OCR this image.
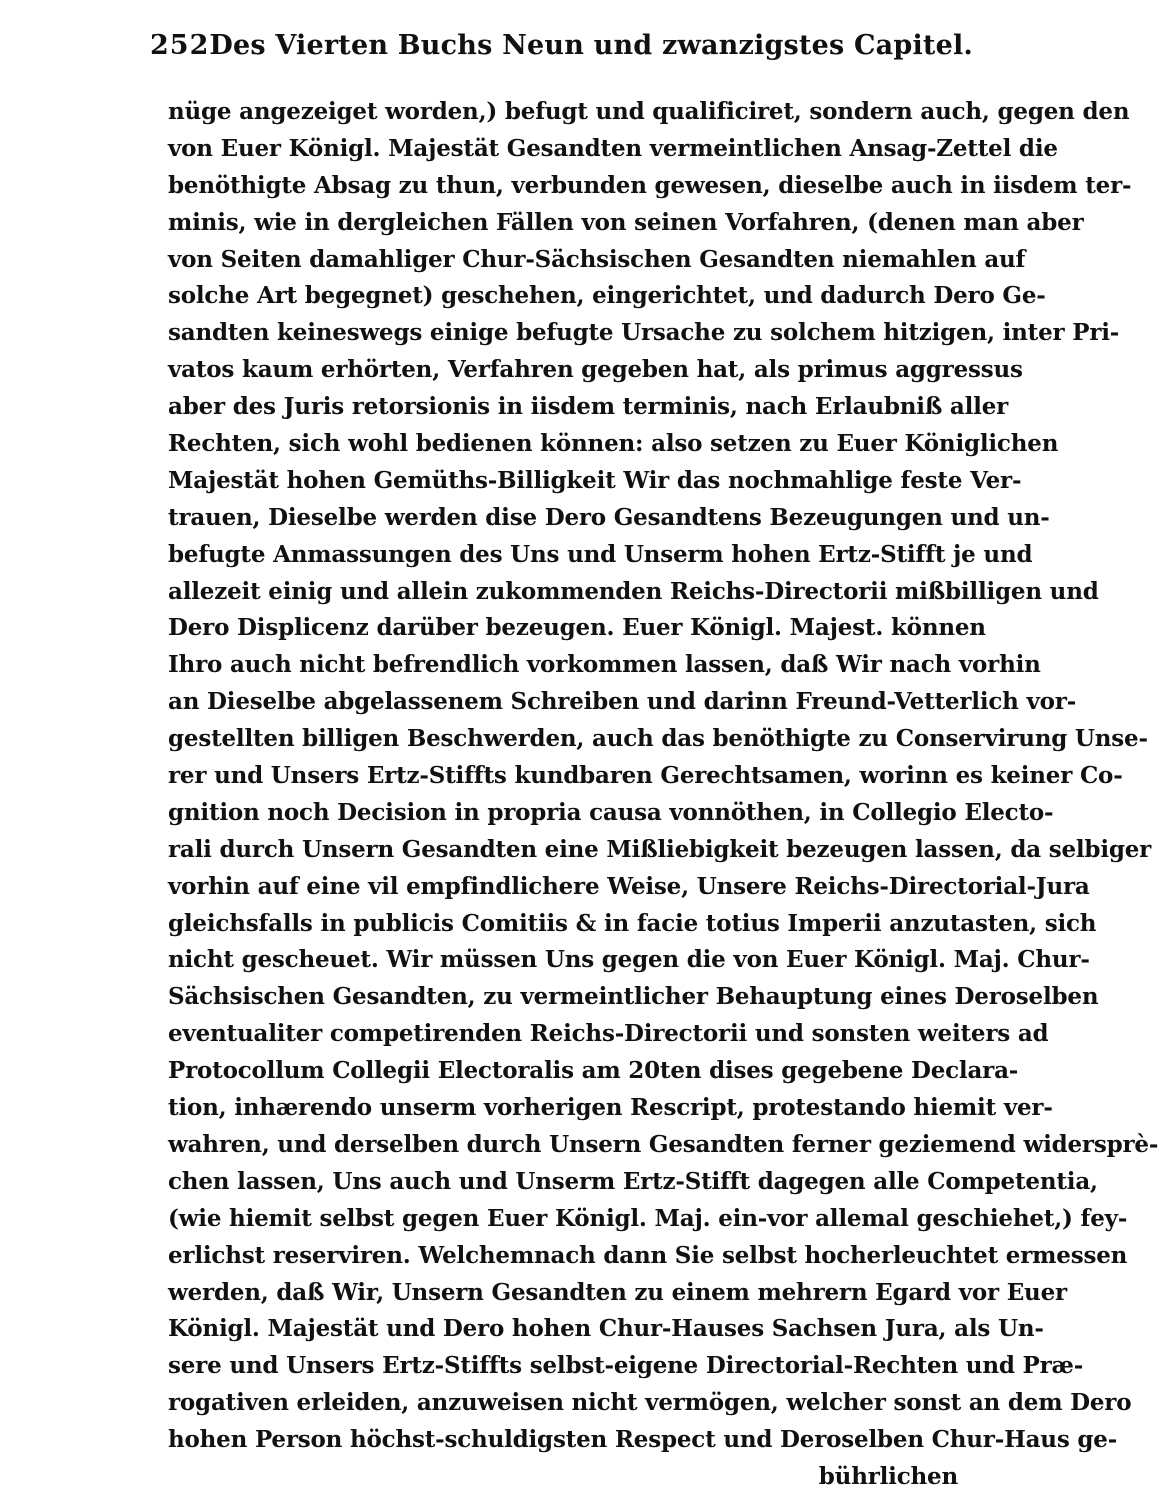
252 Des Vierten Buchs Neun und zwanzigstes Capitel.
nüge angezeiget worden,) befugt und qualificiret, sondern auch, gegen den
von Euer Königl. Majestät Gesandten vermeintlichen Ansag-Zettel die
benöthigte Absag zu thun, verbunden gewesen, dieselbe auch in iisdem ter-
minis, wie in dergleichen Fällen von seinen Vorfahren, (denen man aber
von Seiten damahliger Chur-Sächsischen Gesandten niemahlen auf
solche Art begegnet) geschehen, eingerichtet, und dadurch Dero Ge-
sandten keineswegs einige befugte Ursache zu solchem hitzigen, inter Pri-
vatos kaum erhörten, Verfahren gegeben hat, als primus aggressus
aber des Juris retorsionis in iisdem terminis, nach Erlaubniß aller
Rechten, sich wohl bedienen können: also setzen zu Euer Königlichen
Majestät hohen Gemüths-Billigkeit Wir das nochmahlige feste Ver-
trauen, Dieselbe werden dise Dero Gesandtens Bezeugungen und un-
befugte Anmassungen des Uns und Unserm hohen Ertz-Stifft je und
allezeit einig und allein zukommenden Reichs-Directorii mißbilligen und
Dero Displicenz darüber bezeugen. Euer Königl. Majest. können
Ihro auch nicht befrendlich vorkommen lassen, daß Wir nach vorhin
an Dieselbe abgelassenem Schreiben und darinn Freund-Vetterlich vor-
gestellten billigen Beschwerden, auch das benöthigte zu Conservirung Unse-
rer und Unsers Ertz-Stiffts kundbaren Gerechtsamen, worinn es keiner Co-
gnition noch Decision in propria causa vonnöthen, in Collegio Electo-
rali durch Unsern Gesandten eine Mißliebigkeit bezeugen lassen, da selbiger
vorhin auf eine vil empfindlichere Weise, Unsere Reichs-Directorial-Jura
gleichsfalls in publicis Comitiis & in facie totius Imperii anzutasten, sich
nicht gescheuet. Wir müssen Uns gegen die von Euer Königl. Maj. Chur-
Sächsischen Gesandten, zu vermeintlicher Behauptung eines Deroselben
eventualiter competirenden Reichs-Directorii und sonsten weiters ad
Protocollum Collegii Electoralis am 20ten dises gegebene Declara-
tion, inhærendo unserm vorherigen Rescript, protestando hiemit ver-
wahren, und derselben durch Unsern Gesandten ferner geziemend widersprè-
chen lassen, Uns auch und Unserm Ertz-Stifft dagegen alle Competentia,
(wie hiemit selbst gegen Euer Königl. Maj. ein-vor allemal geschiehet,) fey-
erlichst reserviren. Welchemnach dann Sie selbst hocherleuchtet ermessen
werden, daß Wir, Unsern Gesandten zu einem mehrern Egard vor Euer
Königl. Majestät und Dero hohen Chur-Hauses Sachsen Jura, als Un-
sere und Unsers Ertz-Stiffts selbst-eigene Directorial-Rechten und Præ-
rogativen erleiden, anzuweisen nicht vermögen, welcher sonst an dem Dero
hohen Person höchst-schuldigsten Respect und Deroselben Chur-Haus ge-
bührlichen
